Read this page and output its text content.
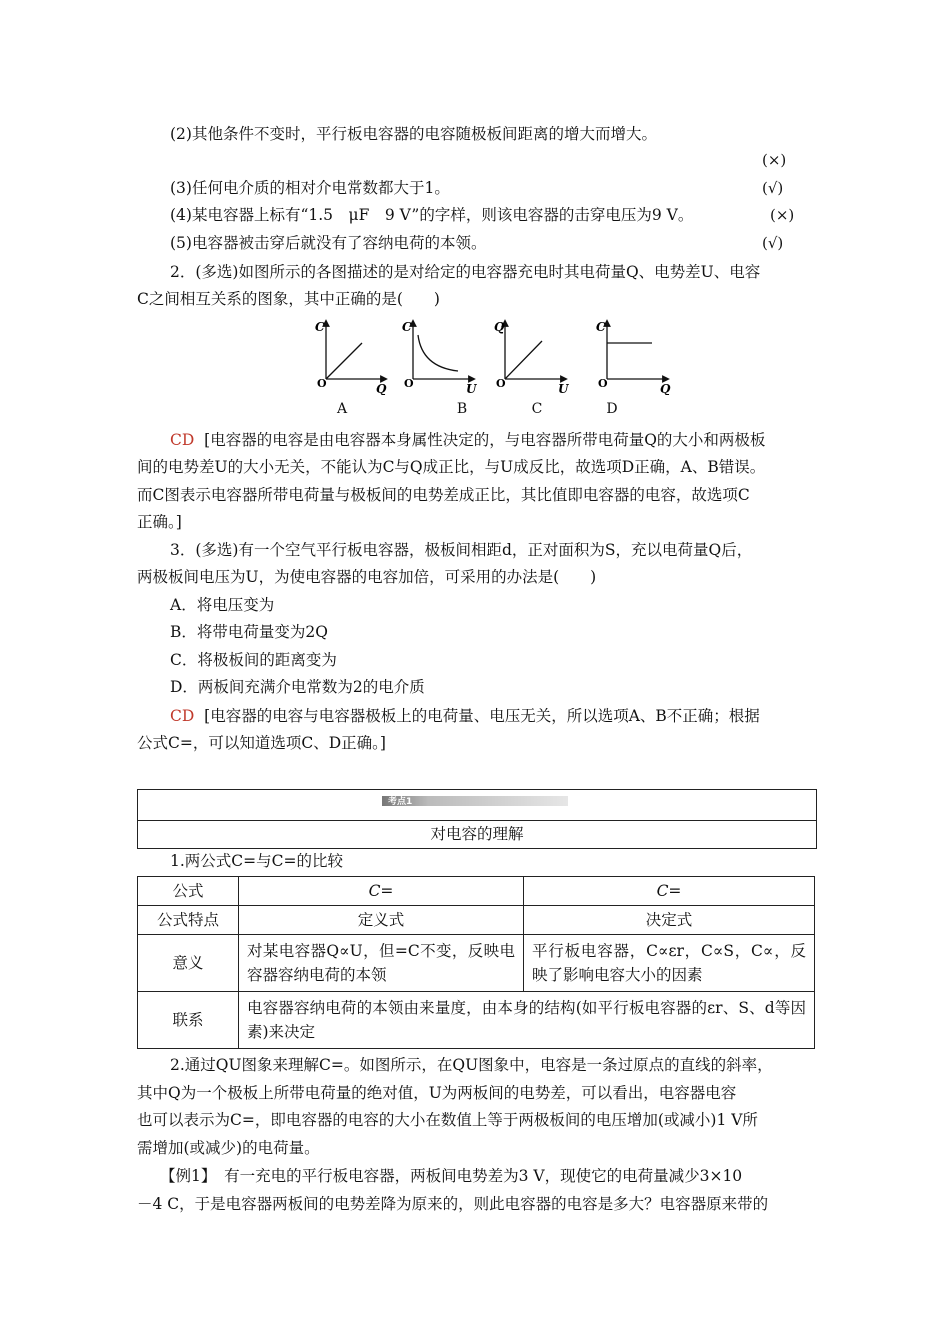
(2)其他条件不变时，平行板电容器的电容随极板间距离的增大而增大。
(×)
(3)任何电介质的相对介电常数都大于1。	(√)
(4)某电容器上标有“1.5　μF　9 V”的字样，则该电容器的击穿电压为9 V。	(×)
(5)电容器被击穿后就没有了容纳电荷的本领。	(√)
2．(多选)如图所示的各图描述的是对给定的电容器充电时其电荷量Q、电势差U、电容
C之间相互关系的图象，其中正确的是(　　)
C
Q
O
C
U
O
Q
U
O
C
Q
O
A	B	C	D
CD [电容器的电容是由电容器本身属性决定的，与电容器所带电荷量Q的大小和两极板
间的电势差U的大小无关，不能认为C与Q成正比，与U成反比，故选项D正确，A、B错误。
而C图表示电容器所带电荷量与极板间的电势差成正比，其比值即电容器的电容，故选项C
正确。]
3．(多选)有一个空气平行板电容器，极板间相距d，正对面积为S，充以电荷量Q后，
两极板间电压为U，为使电容器的电容加倍，可采用的办法是(　　)
A．将电压变为
B．将带电荷量变为2Q
C．将极板间的距离变为
D．两板间充满介电常数为2的电介质
CD [电容器的电容与电容器极板上的电荷量、电压无关，所以选项A、B不正确；根据
公式C=，可以知道选项C、D正确。]
考点1
对电容的理解
1.两公式C=与C=的比较
公式	C=	C=
公式特点	定义式	决定式
意义	对某电容器Q∝U，但=C不变，反映电容器容纳电荷的本领	平行板电容器，C∝εr，C∝S，C∝，反映了影响电容大小的因素
联系	电容器容纳电荷的本领由来量度，由本身的结构(如平行板电容器的εr、S、d等因素)来决定	
2.通过QU图象来理解C=。如图所示，在QU图象中，电容是一条过原点的直线的斜率，
其中Q为一个极板上所带电荷量的绝对值，U为两板间的电势差，可以看出，电容器电容
也可以表示为C=，即电容器的电容的大小在数值上等于两极板间的电压增加(或减小)1 V所
需增加(或减少)的电荷量。
【例1】　有一充电的平行板电容器，两板间电势差为3 V，现使它的电荷量减少3×10
－4 C，于是电容器两板间的电势差降为原来的，则此电容器的电容是多大？电容器原来带的
